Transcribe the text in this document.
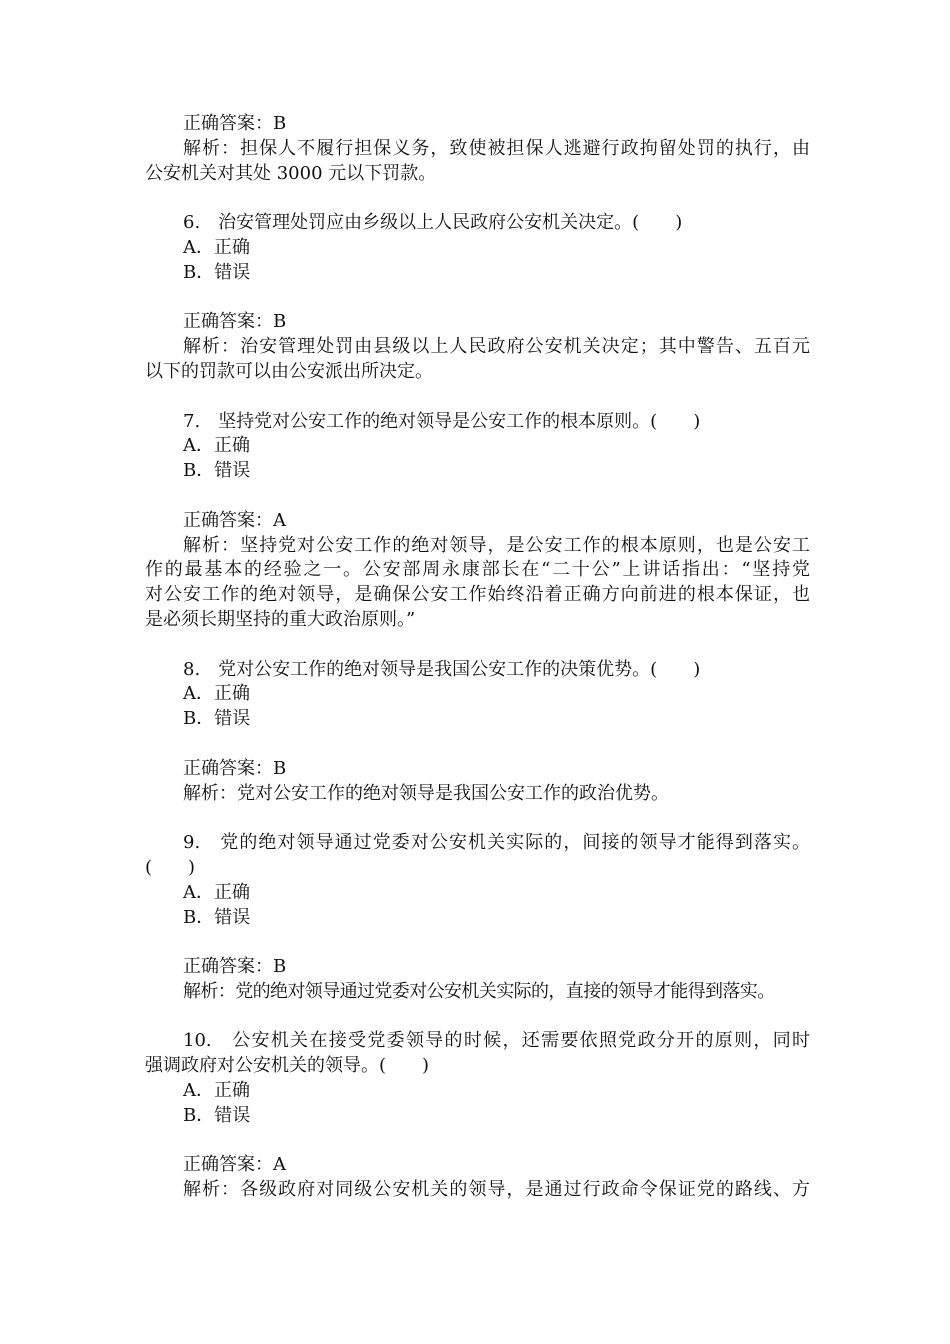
正确答案：B
解析：担保人不履行担保义务，致使被担保人逃避行政拘留处罚的执行，由
公安机关对其处 3000 元以下罚款。
6.　治安管理处罚应由乡级以上人民政府公安机关决定。(　　)
A．正确
B．错误
正确答案：B
解析：治安管理处罚由县级以上人民政府公安机关决定；其中警告、五百元
以下的罚款可以由公安派出所决定。
7.　坚持党对公安工作的绝对领导是公安工作的根本原则。(　　)
A．正确
B．错误
正确答案：A
解析：坚持党对公安工作的绝对领导，是公安工作的根本原则，也是公安工
作的最基本的经验之一。公安部周永康部长在“二十公”上讲话指出：“坚持党
对公安工作的绝对领导，是确保公安工作始终沿着正确方向前进的根本保证，也
是必须长期坚持的重大政治原则。”
8.　党对公安工作的绝对领导是我国公安工作的决策优势。(　　)
A．正确
B．错误
正确答案：B
解析：党对公安工作的绝对领导是我国公安工作的政治优势。
9.　党的绝对领导通过党委对公安机关实际的，间接的领导才能得到落实。
(　　)
A．正确
B．错误
正确答案：B
解析：党的绝对领导通过党委对公安机关实际的，直接的领导才能得到落实。
10.　公安机关在接受党委领导的时候，还需要依照党政分开的原则，同时
强调政府对公安机关的领导。(　　)
A．正确
B．错误
正确答案：A
解析：各级政府对同级公安机关的领导，是通过行政命令保证党的路线、方
